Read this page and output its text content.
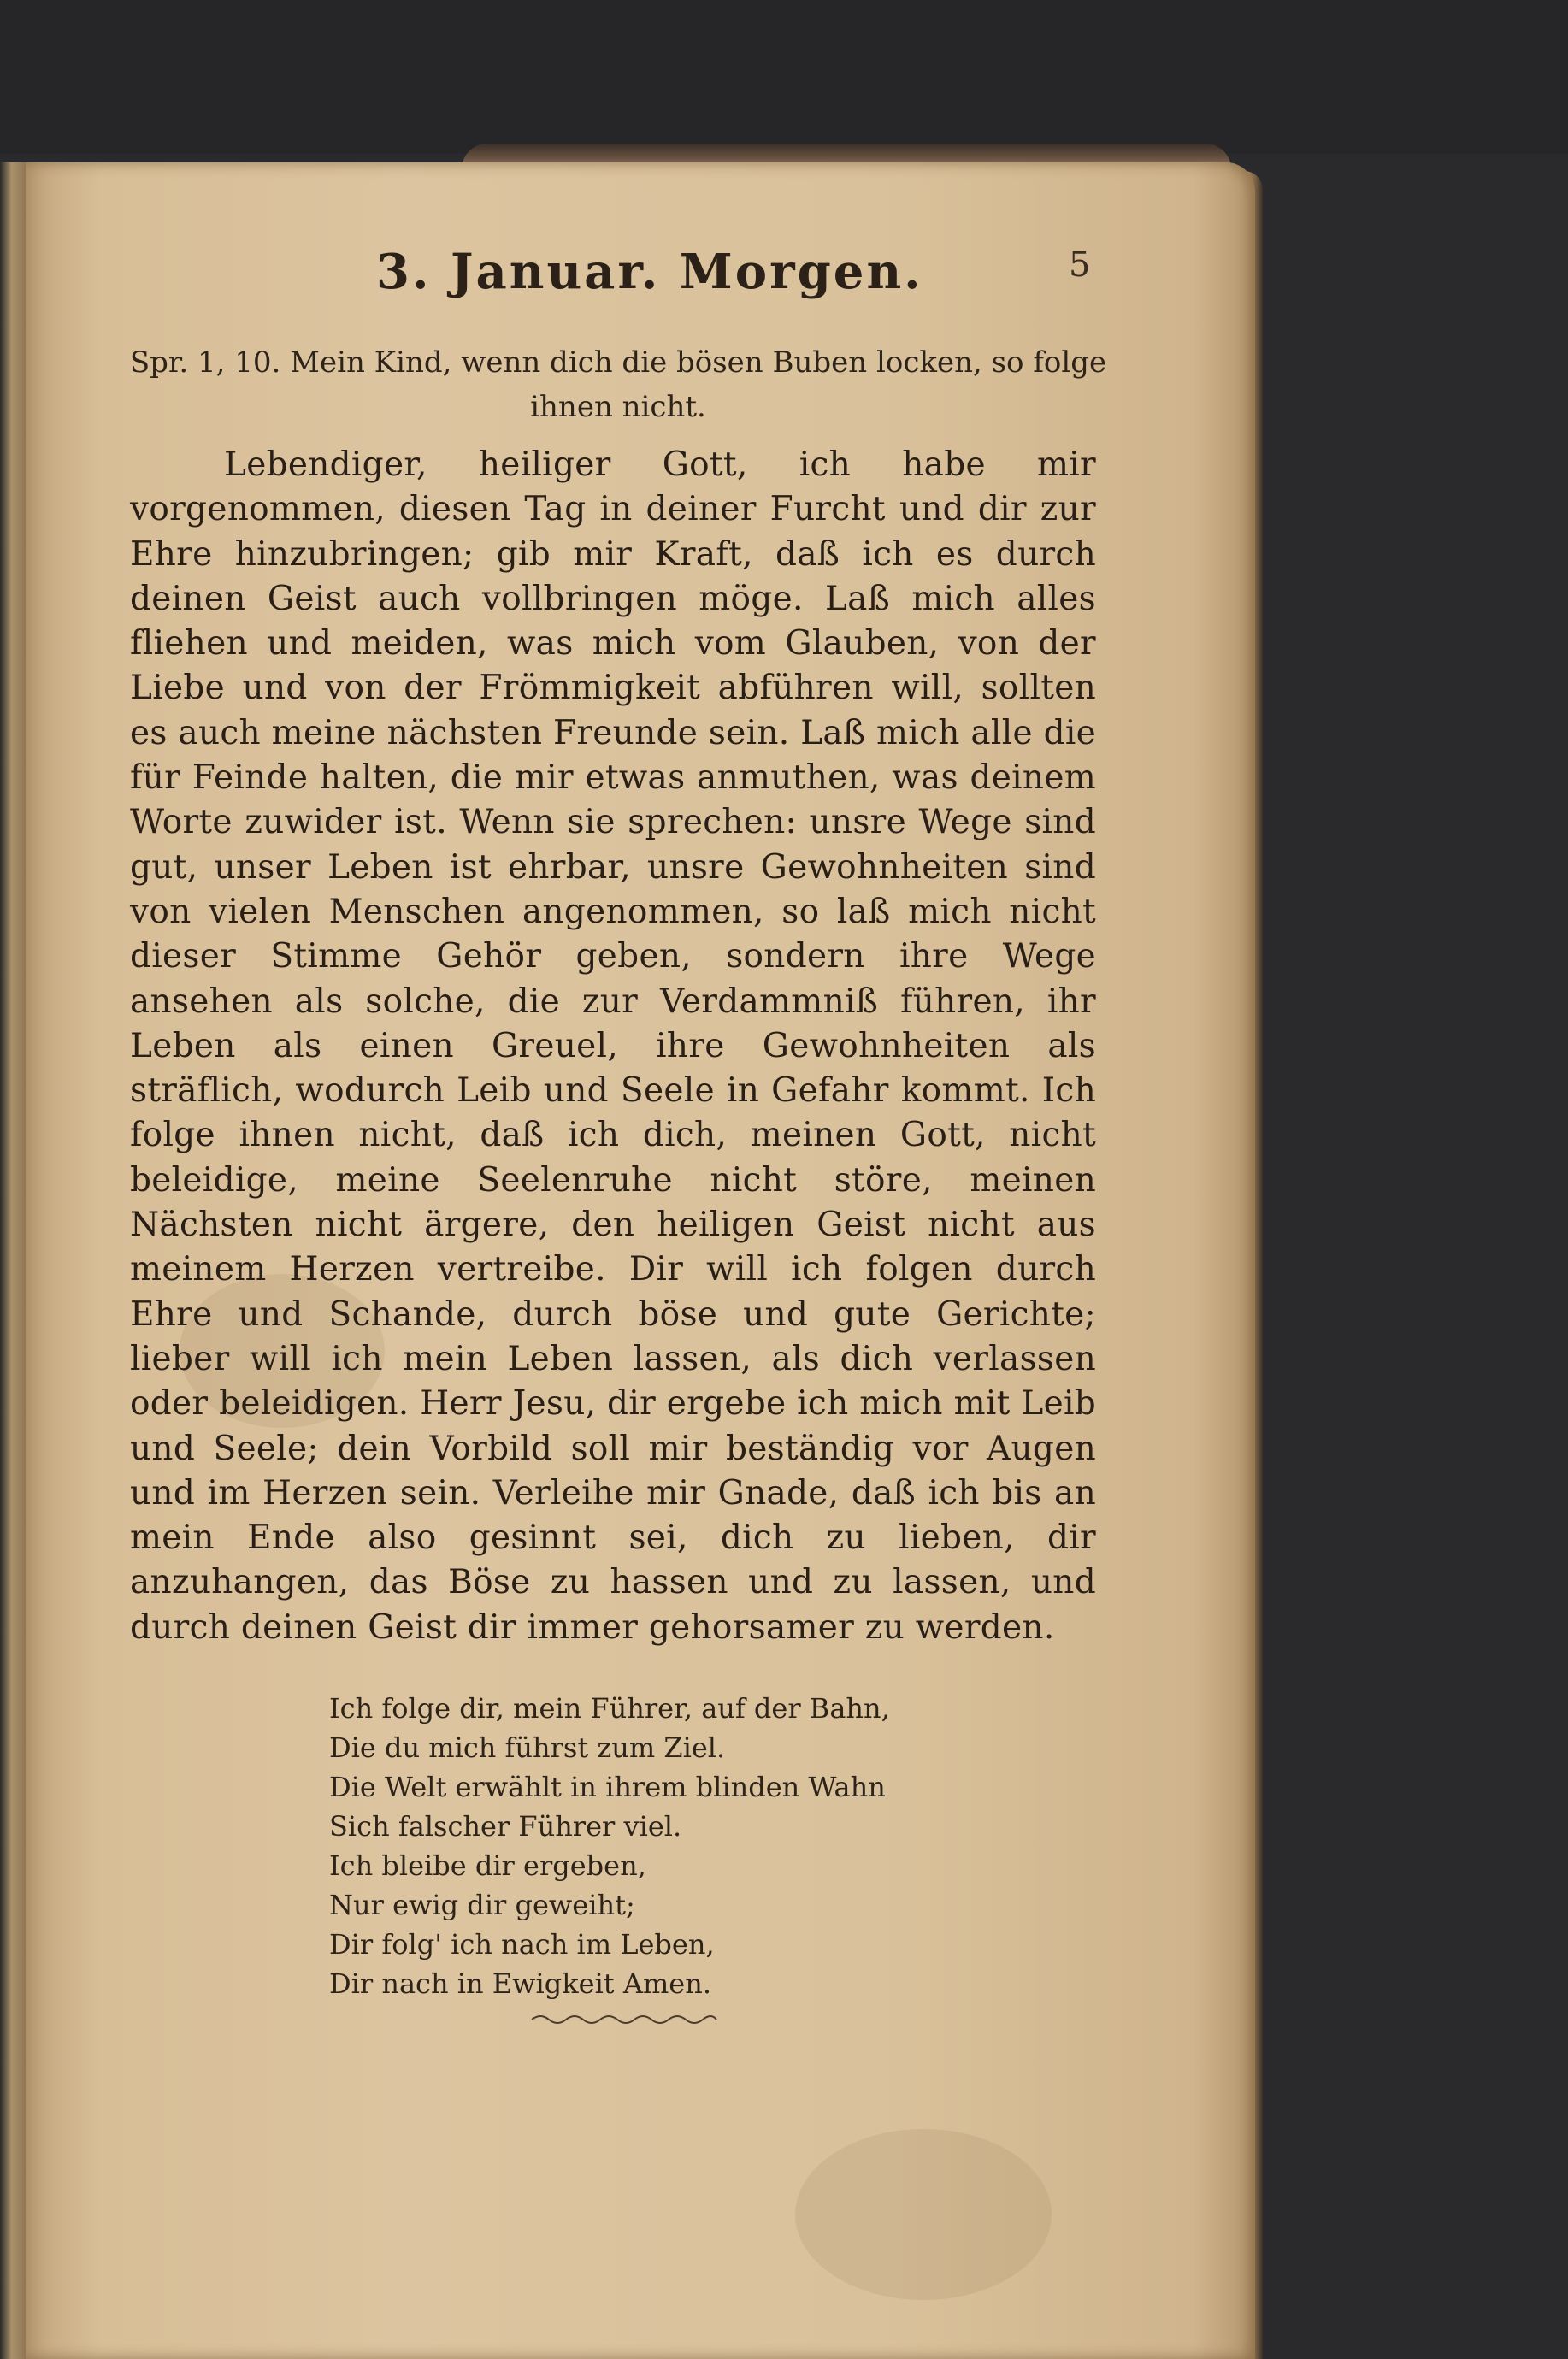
3. Januar. Morgen.	5
Spr. 1, 10. Mein Kind, wenn dich die bösen Buben locken, so folge ihnen nicht.
Lebendiger, heiliger Gott, ich habe mir vorgenommen, diesen Tag in deiner Furcht und dir zur Ehre hinzubringen; gib mir Kraft, daß ich es durch deinen Geist auch vollbringen möge. Laß mich alles fliehen und meiden, was mich vom Glauben, von der Liebe und von der Frömmigkeit abführen will, sollten es auch meine nächsten Freunde sein. Laß mich alle die für Feinde halten, die mir etwas anmuthen, was deinem Worte zuwider ist. Wenn sie sprechen: unsre Wege sind gut, unser Leben ist ehrbar, unsre Gewohnheiten sind von vielen Menschen angenommen, so laß mich nicht dieser Stimme Gehör geben, sondern ihre Wege ansehen als solche, die zur Verdammniß führen, ihr Leben als einen Greuel, ihre Gewohnheiten als sträflich, wodurch Leib und Seele in Gefahr kommt. Ich folge ihnen nicht, daß ich dich, meinen Gott, nicht beleidige, meine Seelenruhe nicht störe, meinen Nächsten nicht ärgere, den heiligen Geist nicht aus meinem Herzen vertreibe. Dir will ich folgen durch Ehre und Schande, durch böse und gute Gerichte; lieber will ich mein Leben lassen, als dich verlassen oder beleidigen. Herr Jesu, dir ergebe ich mich mit Leib und Seele; dein Vorbild soll mir beständig vor Augen und im Herzen sein. Verleihe mir Gnade, daß ich bis an mein Ende also gesinnt sei, dich zu lieben, dir anzuhangen, das Böse zu hassen und zu lassen, und durch deinen Geist dir immer gehorsamer zu werden.
Ich folge dir, mein Führer, auf der Bahn,
Die du mich führst zum Ziel.
Die Welt erwählt in ihrem blinden Wahn
Sich falscher Führer viel.
Ich bleibe dir ergeben,
Nur ewig dir geweiht;
Dir folg' ich nach im Leben,
Dir nach in Ewigkeit Amen.
